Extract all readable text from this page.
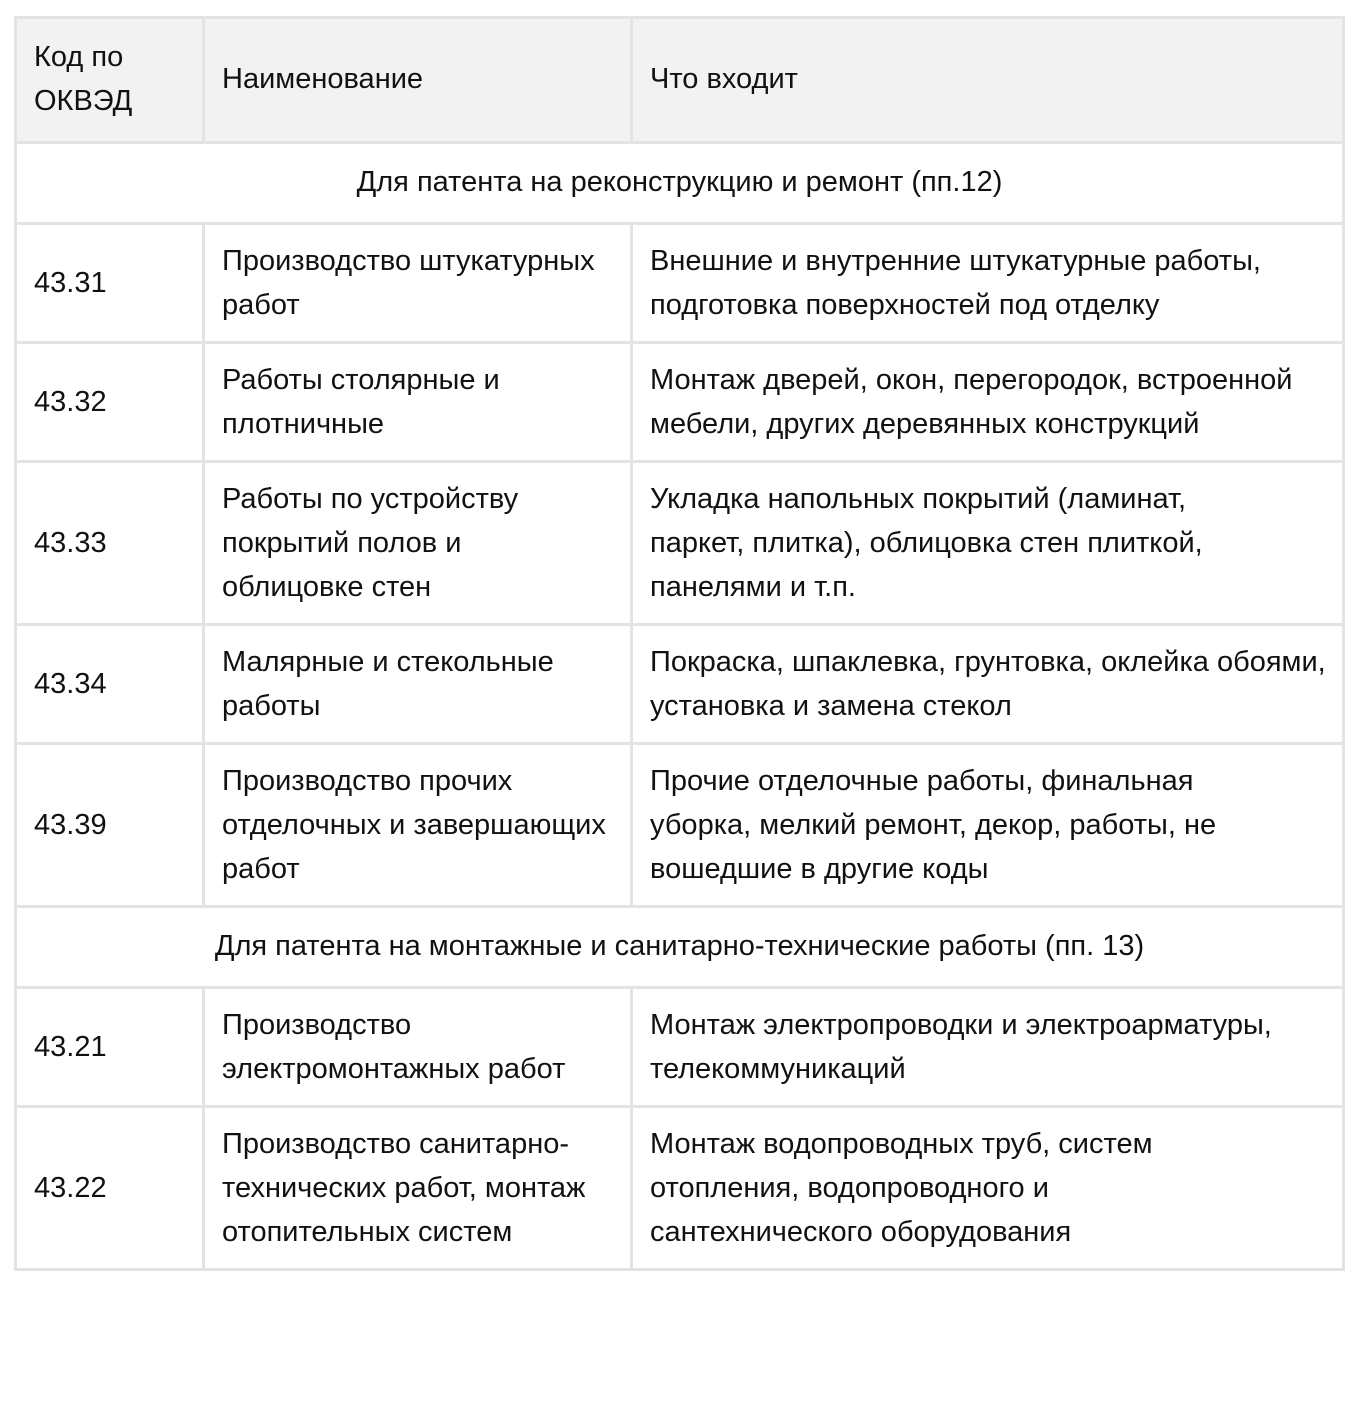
Код по ОКВЭД	Наименование	Что входит
Для патента на реконструкцию и ремонт (пп.12)		
43.31	Производство штукатурных работ	Внешние и внутренние штукатурные работы, подготовка поверхностей под отделку
43.32	Работы столярные и плотничные	Монтаж дверей, окон, перегородок, встроенной мебели, других деревянных конструкций
43.33	Работы по устройству покрытий полов и облицовке стен	Укладка напольных покрытий (ламинат, паркет, плитка), облицовка стен плиткой, панелями и т.п.
43.34	Малярные и стекольные работы	Покраска, шпаклевка, грунтовка, оклейка обоями, установка и замена стекол
43.39	Производство прочих отделочных и завершающих работ	Прочие отделочные работы, финальная уборка, мелкий ремонт, декор, работы, не вошедшие в другие коды
Для патента на монтажные и санитарно-технические работы (пп. 13)		
43.21	Производство электромонтажных работ	Монтаж электропроводки и электроарматуры, телекоммуникаций
43.22	Производство санитарно-технических работ, монтаж отопительных систем	Монтаж водопроводных труб, систем отопления, водопроводного и сантехнического оборудования
